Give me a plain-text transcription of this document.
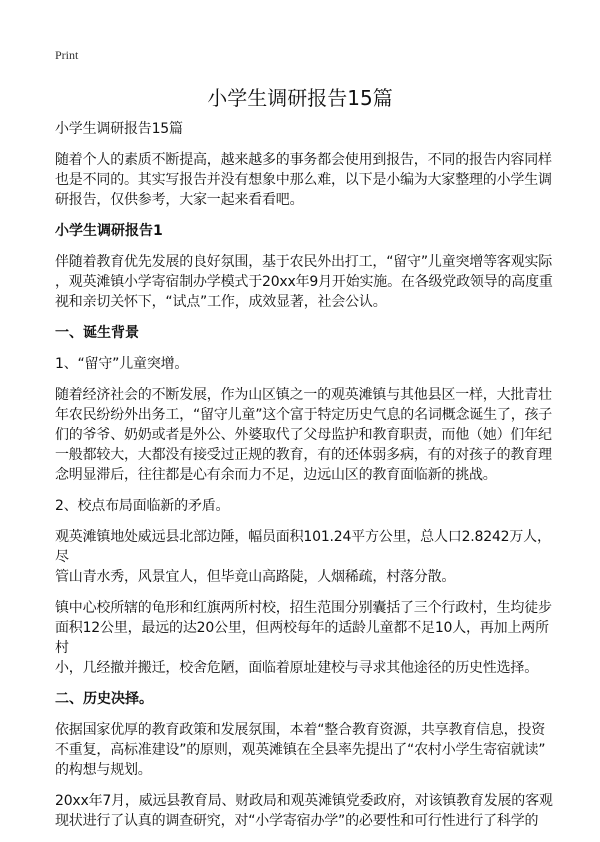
Print
小学生调研报告15篇

小学生调研报告15篇

随着个人的素质不断提高，越来越多的事务都会使用到报告，不同的报告内容同样
也是不同的。其实写报告并没有想象中那么难，以下是小编为大家整理的小学生调
研报告，仅供参考，大家一起来看看吧。

小学生调研报告1

伴随着教育优先发展的良好氛围，基于农民外出打工，“留守”儿童突增等客观实际
，观英滩镇小学寄宿制办学模式于20xx年9月开始实施。在各级党政领导的高度重
视和亲切关怀下，“试点”工作，成效显著，社会公认。

一、诞生背景

1、“留守”儿童突增。

随着经济社会的不断发展，作为山区镇之一的观英滩镇与其他县区一样，大批青壮
年农民纷纷外出务工，“留守儿童”这个富于特定历史气息的名词概念诞生了，孩子
们的爷爷、奶奶或者是外公、外婆取代了父母监护和教育职责，而他（她）们年纪
一般都较大，大都没有接受过正规的教育，有的还体弱多病，有的对孩子的教育理
念明显滞后，往往都是心有余而力不足，边远山区的教育面临新的挑战。

2、校点布局面临新的矛盾。

观英滩镇地处威远县北部边陲，幅员面积101.24平方公里，总人口2.8242万人，尽
管山青水秀，风景宜人，但毕竟山高路陡，人烟稀疏，村落分散。

镇中心校所辖的龟形和红旗两所村校，招生范围分别囊括了三个行政村，生均徒步
面积12公里，最远的达20公里，但两校每年的适龄儿童都不足10人，再加上两所村
小，几经撤并搬迁，校舍危陋，面临着原址建校与寻求其他途径的历史性选择。

二、历史决择。

依据国家优厚的教育政策和发展氛围，本着“整合教育资源，共享教育信息，投资
不重复，高标准建设”的原则，观英滩镇在全县率先提出了“农村小学生寄宿就读”
的构想与规划。

20xx年7月，威远县教育局、财政局和观英滩镇党委政府，对该镇教育发展的客观
现状进行了认真的调查研究，对“小学寄宿办学”的必要性和可行性进行了科学的
